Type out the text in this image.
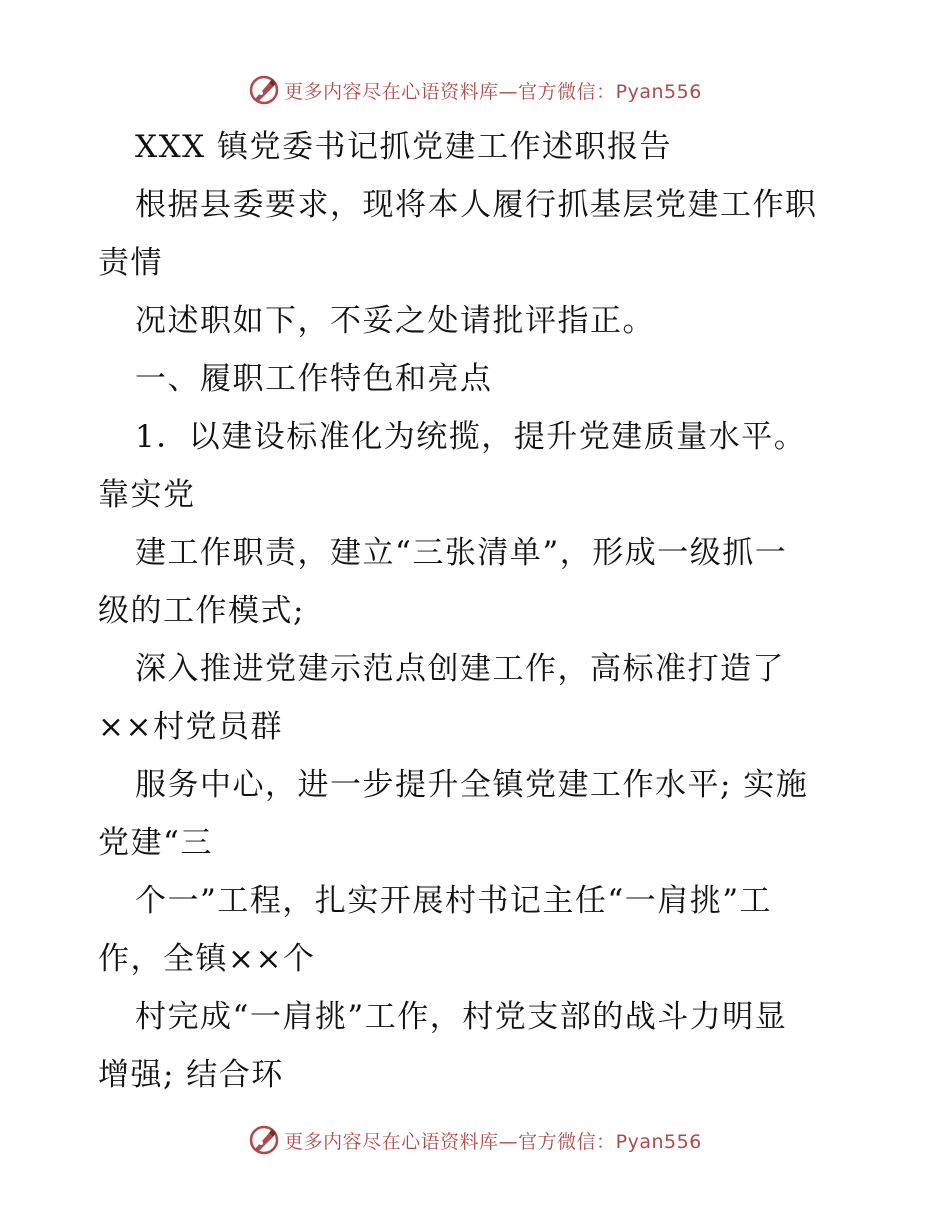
更多内容尽在心语资料库—官方微信：Pyan556
XXX 镇党委书记抓党建工作述职报告
根据县委要求，现将本人履行抓基层党建工作职
责情
况述职如下，不妥之处请批评指正。
一、履职工作特色和亮点
1．以建设标准化为统揽，提升党建质量水平。
靠实党
建工作职责，建立“三张清单”，形成一级抓一
级的工作模式;
深入推进党建示范点创建工作，高标准打造了
××村党员群
服务中心，进一步提升全镇党建工作水平; 实施
党建“三
个一”工程，扎实开展村书记主任“一肩挑”工
作，全镇××个
村完成“一肩挑”工作，村党支部的战斗力明显
增强; 结合环
更多内容尽在心语资料库—官方微信：Pyan556
